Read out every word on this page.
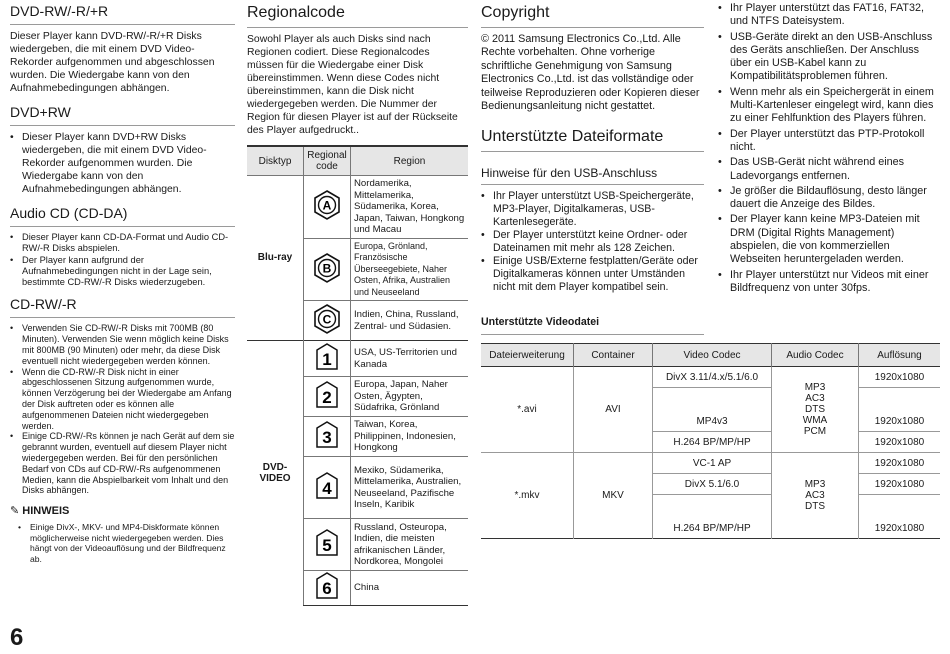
DVD-RW/-R/+R

Dieser Player kann DVD-RW/-R/+R Disks wiedergeben, die mit einem DVD Video-Rekorder aufgenommen und abgeschlossen wurden. Die Wiedergabe kann von den Aufnahmebedingungen abhängen.

DVD+RW
• Dieser Player kann DVD+RW Disks wiedergeben, die mit einem DVD Video-Rekorder aufgenommen wurden. Die Wiedergabe kann von den Aufnahmebedingungen abhängen.
Audio CD (CD-DA)
• Dieser Player kann CD-DA-Format und Audio CD-RW/-R Disks abspielen.
• Der Player kann aufgrund der Aufnahmebedingungen nicht in der Lage sein, bestimmte CD-RW/-R Disks wiederzugeben.
CD-RW/-R
• Verwenden Sie CD-RW/-R Disks mit 700MB (80 Minuten). Verwenden Sie wenn möglich keine Disks mit 800MB (90 Minuten) oder mehr, da diese Disk eventuell nicht wiedergegeben werden können.
• Wenn die CD-RW/-R Disk nicht in einer abgeschlossenen Sitzung aufgenommen wurde, können Verzögerung bei der Wiedergabe am Anfang der Disk auftreten oder es können alle aufgenommenen Dateien nicht wiedergegeben werden.
• Einige CD-RW/-Rs können je nach Gerät auf dem sie gebrannt wurden, eventuell auf diesem Player nicht wiedergegeben werden. Bei für den persönlichen Bedarf von CDs auf CD-RW/-Rs aufgenommenen Medien, kann die Abspielbarkeit vom Inhalt und den Disks abhängen.
✎ HINWEIS
• Einige DivX-, MKV- und MP4-Diskformate können möglicherweise nicht wiedergegeben werden. Dies hängt von der Videoauflösung und der Bildfrequenz ab.
6
Regionalcode

Sowohl Player als auch Disks sind nach Regionen codiert. Diese Regionalcodes müssen für die Wiedergabe einer Disk übereinstimmen. Wenn diese Codes nicht übereinstimmen, kann die Disk nicht wiedergegeben werden. Die Nummer der Region für diesen Player ist auf der Rückseite des Player aufgedruckt..

Disktyp	Regional code	Region
Blu-ray	A	Nordamerika, Mittelamerika, Südamerika, Korea, Japan, Taiwan, Hongkong und Macau

B	Europa, Grönland, Französische Überseegebiete, Naher Osten, Afrika, Australien und Neuseeland

C	Indien, China, Russland, Zentral- und Südasien.
DVD-VIDEO	1	USA, US-Territorien und Kanada

2	Europa, Japan, Naher Osten, Ägypten, Südafrika, Grönland

3	Taiwan, Korea, Philippinen, Indonesien, Hongkong

4	Mexiko, Südamerika, Mittelamerika, Australien, Neuseeland, Pazifische Inseln, Karibik

5	Russland, Osteuropa, Indien, die meisten afrikanischen Länder, Nordkorea, Mongolei

6	China
Copyright

© 2011 Samsung Electronics Co.,Ltd. Alle Rechte vorbehalten. Ohne vorherige schriftliche Genehmigung von Samsung Electronics Co.,Ltd. ist das vollständige oder teilweise Reproduzieren oder Kopieren dieser Bedienungsanleitung nicht gestattet.

Unterstützte Dateiformate
Hinweise für den USB-Anschluss
• Ihr Player unterstützt USB-Speichergeräte, MP3-Player, Digitalkameras, USB-Kartenlesegeräte.
• Der Player unterstützt keine Ordner- oder Dateinamen mit mehr als 128 Zeichen.
• Einige USB/Externe festplatten/Geräte oder Digitalkameras können unter Umständen nicht mit dem Player kompatibel sein.
Unterstützte Videodatei
Dateierweiterung	Container	Video Codec	Audio Codec	Auflösung
*.avi	AVI	DivX 3.11/4.x/5.1/6.0	MP3
AC3
DTS
WMA
PCM	1920x1080
		MP4v3		1920x1080
		H.264 BP/MP/HP		1920x1080
*.mkv	MKV	VC-1 AP	MP3
AC3
DTS	1920x1080
		DivX 5.1/6.0		1920x1080
		H.264 BP/MP/HP		1920x1080
• Ihr Player unterstützt das FAT16, FAT32, und NTFS Dateisystem.
• USB-Geräte direkt an den USB-Anschluss des Geräts anschließen. Der Anschluss über ein USB-Kabel kann zu Kompatibilitätsproblemen führen.
• Wenn mehr als ein Speichergerät in einem Multi-Kartenleser eingelegt wird, kann dies zu einer Fehlfunktion des Players führen.
• Der Player unterstützt das PTP-Protokoll nicht.
• Das USB-Gerät nicht während eines Ladevorgangs entfernen.
• Je größer die Bildauflösung, desto länger dauert die Anzeige des Bildes.
• Der Player kann keine MP3-Dateien mit DRM (Digital Rights Management) abspielen, die von kommerziellen Webseiten heruntergeladen werden.
• Ihr Player unterstützt nur Videos mit einer Bildfrequenz von unter 30fps.
